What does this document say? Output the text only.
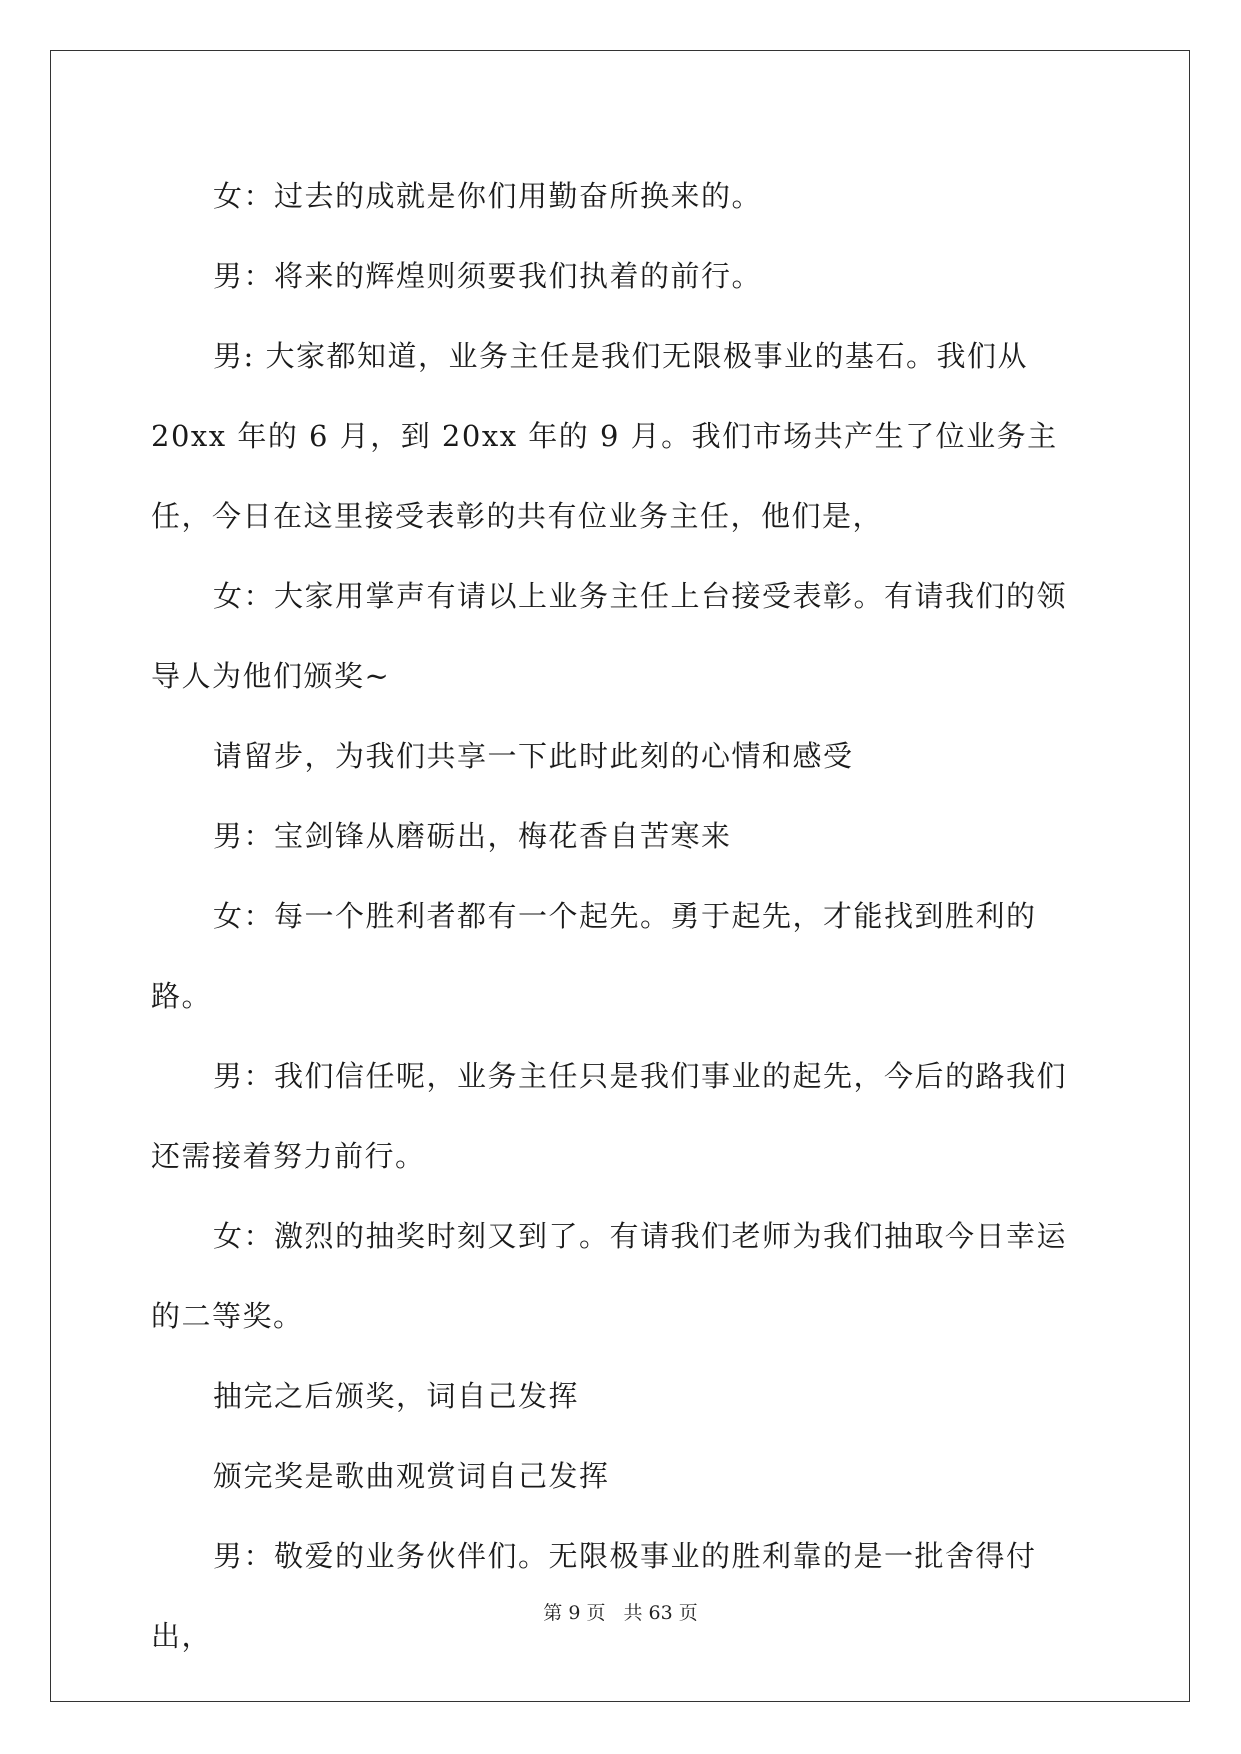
女：过去的成就是你们用勤奋所换来的。

男：将来的辉煌则须要我们执着的前行。

男: 大家都知道，业务主任是我们无限极事业的基石。我们从 20xx 年的 6 月，到 20xx 年的 9 月。我们市场共产生了位业务主任，今日在这里接受表彰的共有位业务主任，他们是，

女：大家用掌声有请以上业务主任上台接受表彰。有请我们的领导人为他们颁奖~

请留步，为我们共享一下此时此刻的心情和感受

男：宝剑锋从磨砺出，梅花香自苦寒来

女：每一个胜利者都有一个起先。勇于起先，才能找到胜利的路。

男：我们信任呢，业务主任只是我们事业的起先，今后的路我们还需接着努力前行。

女：激烈的抽奖时刻又到了。有请我们老师为我们抽取今日幸运的二等奖。

抽完之后颁奖，词自己发挥

颁完奖是歌曲观赏词自己发挥

男：敬爱的业务伙伴们。无限极事业的胜利靠的是一批舍得付出，

第 9 页 共 63 页
